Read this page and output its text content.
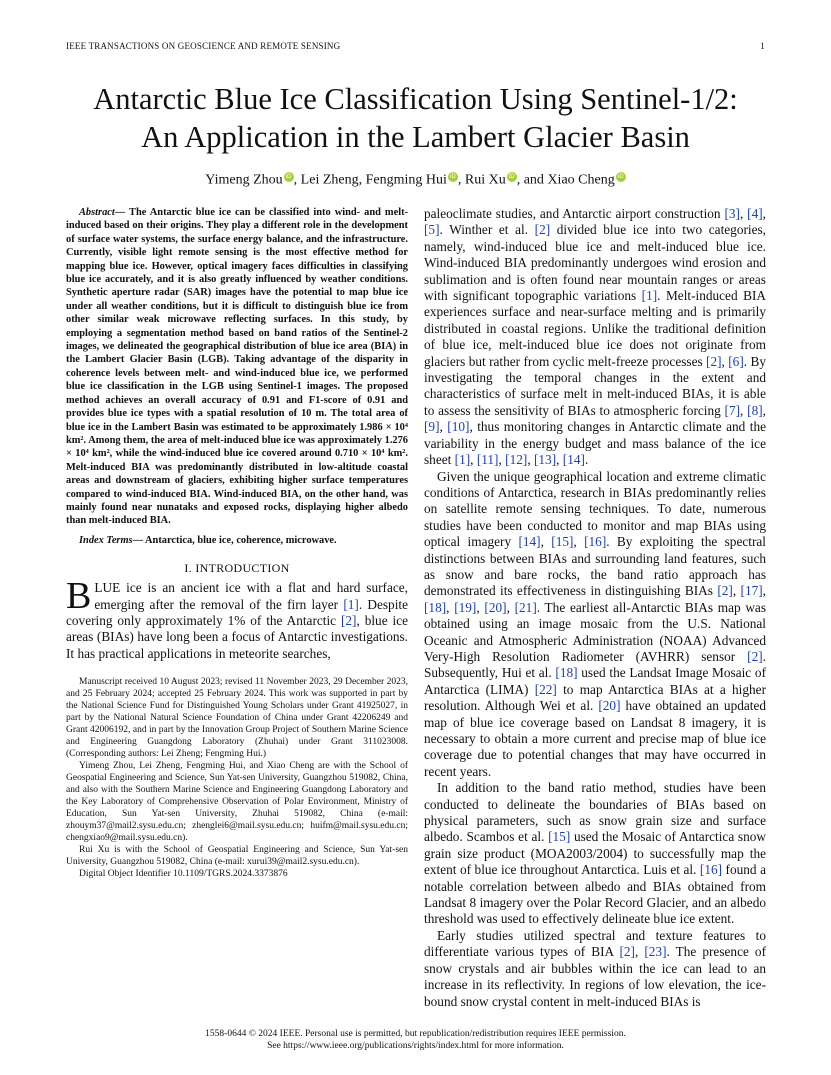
IEEE TRANSACTIONS ON GEOSCIENCE AND REMOTE SENSING	1
Antarctic Blue Ice Classification Using Sentinel-1/2:
An Application in the Lambert Glacier Basin
Yimeng Zhou iD , Lei Zheng, Fengming Hui iD , Rui Xu iD , and Xiao Cheng iD

Abstract— The Antarctic blue ice can be classified into wind- and melt-induced based on their origins. They play a different role in the development of surface water systems, the surface energy balance, and the infrastructure. Currently, visible light remote sensing is the most effective method for mapping blue ice. However, optical imagery faces difficulties in classifying blue ice accurately, and it is also greatly influenced by weather conditions. Synthetic aperture radar (SAR) images have the potential to map blue ice under all weather conditions, but it is difficult to distinguish blue ice from other similar weak microwave reflecting surfaces. In this study, by employing a segmentation method based on band ratios of the Sentinel-2 images, we delineated the geographical distribution of blue ice area (BIA) in the Lambert Glacier Basin (LGB). Taking advantage of the disparity in coherence levels between melt- and wind-induced blue ice, we performed blue ice classification in the LGB using Sentinel-1 images. The proposed method achieves an overall accuracy of 0.91 and F1-score of 0.91 and provides blue ice types with a spatial resolution of 10 m. The total area of blue ice in the Lambert Basin was estimated to be approximately 1.986 × 10⁴ km². Among them, the area of melt-induced blue ice was approximately 1.276 × 10⁴ km², while the wind-induced blue ice covered around 0.710 × 10⁴ km². Melt-induced BIA was predominantly distributed in low-altitude coastal areas and downstream of glaciers, exhibiting higher surface temperatures compared to wind-induced BIA. Wind-induced BIA, on the other hand, was mainly found near nunataks and exposed rocks, displaying higher albedo than melt-induced BIA.

Index Terms— Antarctica, blue ice, coherence, microwave.

I. INTRODUCTION

BLUE ice is an ancient ice with a flat and hard surface, emerging after the removal of the firn layer [1]. Despite covering only approximately 1% of the Antarctic [2], blue ice areas (BIAs) have long been a focus of Antarctic investigations. It has practical applications in meteorite searches,

Manuscript received 10 August 2023; revised 11 November 2023, 29 December 2023, and 25 February 2024; accepted 25 February 2024. This work was supported in part by the National Science Fund for Distinguished Young Scholars under Grant 41925027, in part by the National Natural Science Foundation of China under Grant 42206249 and Grant 42006192, and in part by the Innovation Group Project of Southern Marine Science and Engineering Guangdong Laboratory (Zhuhai) under Grant 311023008. (Corresponding authors: Lei Zheng; Fengming Hui.)

Yimeng Zhou, Lei Zheng, Fengming Hui, and Xiao Cheng are with the School of Geospatial Engineering and Science, Sun Yat-sen University, Guangzhou 519082, China, and also with the Southern Marine Science and Engineering Guangdong Laboratory and the Key Laboratory of Comprehensive Observation of Polar Environment, Ministry of Education, Sun Yat-sen University, Zhuhai 519082, China (e-mail: zhouym37@mail2.sysu.edu.cn; zhenglei6@mail.sysu.edu.cn; huifm@mail.sysu.edu.cn; chengxiao9@mail.sysu.edu.cn).

Rui Xu is with the School of Geospatial Engineering and Science, Sun Yat-sen University, Guangzhou 519082, China (e-mail: xurui39@mail2.sysu.edu.cn).

Digital Object Identifier 10.1109/TGRS.2024.3373876

paleoclimate studies, and Antarctic airport construction [3], [4], [5]. Winther et al. [2] divided blue ice into two categories, namely, wind-induced blue ice and melt-induced blue ice. Wind-induced BIA predominantly undergoes wind erosion and sublimation and is often found near mountain ranges or areas with significant topographic variations [1]. Melt-induced BIA experiences surface and near-surface melting and is primarily distributed in coastal regions. Unlike the traditional definition of blue ice, melt-induced blue ice does not originate from glaciers but rather from cyclic melt-freeze processes [2], [6]. By investigating the temporal changes in the extent and characteristics of surface melt in melt-induced BIAs, it is able to assess the sensitivity of BIAs to atmospheric forcing [7], [8], [9], [10], thus monitoring changes in Antarctic climate and the variability in the energy budget and mass balance of the ice sheet [1], [11], [12], [13], [14].

Given the unique geographical location and extreme climatic conditions of Antarctica, research in BIAs predominantly relies on satellite remote sensing techniques. To date, numerous studies have been conducted to monitor and map BIAs using optical imagery [14], [15], [16]. By exploiting the spectral distinctions between BIAs and surrounding land features, such as snow and bare rocks, the band ratio approach has demonstrated its effectiveness in distinguishing BIAs [2], [17], [18], [19], [20], [21]. The earliest all-Antarctic BIAs map was obtained using an image mosaic from the U.S. National Oceanic and Atmospheric Administration (NOAA) Advanced Very-High Resolution Radiometer (AVHRR) sensor [2]. Subsequently, Hui et al. [18] used the Landsat Image Mosaic of Antarctica (LIMA) [22] to map Antarctica BIAs at a higher resolution. Although Wei et al. [20] have obtained an updated map of blue ice coverage based on Landsat 8 imagery, it is necessary to obtain a more current and precise map of blue ice coverage due to potential changes that may have occurred in recent years.

In addition to the band ratio method, studies have been conducted to delineate the boundaries of BIAs based on physical parameters, such as snow grain size and surface albedo. Scambos et al. [15] used the Mosaic of Antarctica snow grain size product (MOA2003/2004) to successfully map the extent of blue ice throughout Antarctica. Luis et al. [16] found a notable correlation between albedo and BIAs obtained from Landsat 8 imagery over the Polar Record Glacier, and an albedo threshold was used to effectively delineate blue ice extent.

Early studies utilized spectral and texture features to differentiate various types of BIA [2], [23]. The presence of snow crystals and air bubbles within the ice can lead to an increase in its reflectivity. In regions of low elevation, the ice-bound snow crystal content in melt-induced BIAs is

1558-0644 © 2024 IEEE. Personal use is permitted, but republication/redistribution requires IEEE permission.
See https://www.ieee.org/publications/rights/index.html for more information.
